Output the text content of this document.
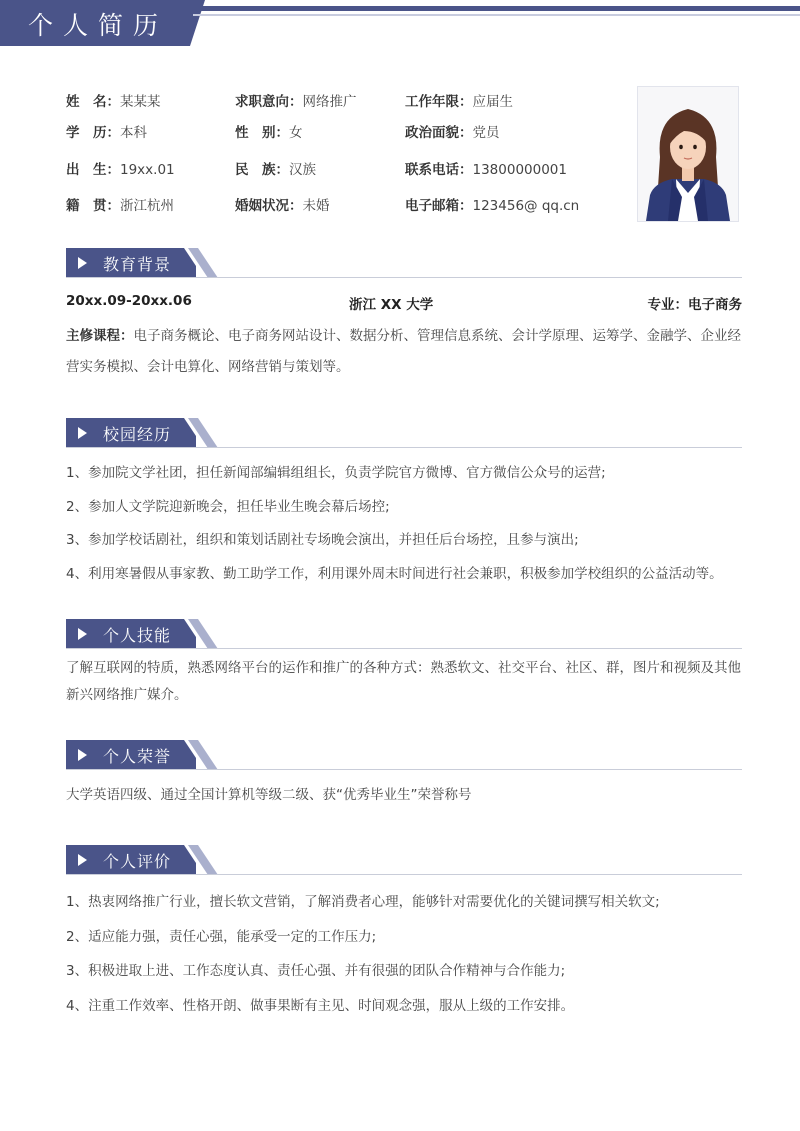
个人简历
姓　名：某某某	求职意向：网络推广	工作年限：应届生
学　历：本科	性　别：女	政治面貌：党员
出　生：19xx.01	民　族：汉族	联系电话：13800000001
籍　贯：浙江杭州	婚姻状况：未婚	电子邮箱：123456@ qq.cn
教育背景
20xx.09-20xx.06	浙江 XX 大学	专业：电子商务

主修课程：电子商务概论、电子商务网站设计、数据分析、管理信息系统、会计学原理、运筹学、金融学、企业经营实务模拟、会计电算化、网络营销与策划等。

校园经历

1、参加院文学社团，担任新闻部编辑组组长，负责学院官方微博、官方微信公众号的运营;

2、参加人文学院迎新晚会，担任毕业生晚会幕后场控;

3、参加学校话剧社，组织和策划话剧社专场晚会演出，并担任后台场控，且参与演出;

4、利用寒暑假从事家教、勤工助学工作，利用课外周末时间进行社会兼职，积极参加学校组织的公益活动等。

个人技能
了解互联网的特质，熟悉网络平台的运作和推广的各种方式：熟悉软文、社交平台、社区、群，图片和视频及其他新兴网络推广媒介。
个人荣誉
大学英语四级、通过全国计算机等级二级、获“优秀毕业生”荣誉称号
个人评价

1、热衷网络推广行业，擅长软文营销，了解消费者心理，能够针对需要优化的关键词撰写相关软文;

2、适应能力强，责任心强，能承受一定的工作压力;

3、积极进取上进、工作态度认真、责任心强、并有很强的团队合作精神与合作能力;

4、注重工作效率、性格开朗、做事果断有主见、时间观念强，服从上级的工作安排。
